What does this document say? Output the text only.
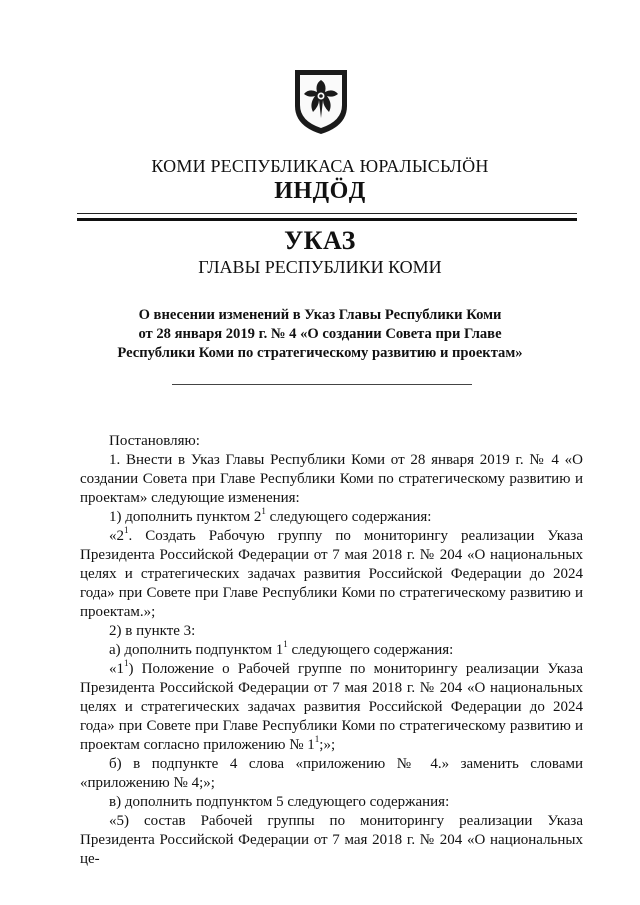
КОМИ РЕСПУБЛИКАСА ЮРАЛЫСЬЛӦН
ИНДӦД
УКАЗ
ГЛАВЫ РЕСПУБЛИКИ КОМИ
О внесении изменений в Указ Главы Республики Коми
от 28 января 2019 г. № 4 «О создании Совета при Главе
Республики Коми по стратегическому развитию и проектам»

Постановляю:

1. Внести в Указ Главы Республики Коми от 28 января 2019 г. № 4 «О создании Совета при Главе Республики Коми по стратегическому развитию и проектам» следующие изменения:

1) дополнить пунктом $2^1$ следующего содержания:

«$2^1$. Создать Рабочую группу по мониторингу реализации Указа Президента Российской Федерации от 7 мая 2018 г. № 204 «О национальных целях и стратегических задачах развития Российской Федерации до 2024 года» при Совете при Главе Республики Коми по стратегическому развитию и проектам.»;

2) в пункте 3:

а) дополнить подпунктом $1^1$ следующего содержания:

«$1^1$) Положение о Рабочей группе по мониторингу реализации Указа Президента Российской Федерации от 7 мая 2018 г. № 204 «О национальных целях и стратегических задачах развития Российской Федерации до 2024 года» при Совете при Главе Республики Коми по стратегическому развитию и проектам согласно приложению № $1^1$;»;

б) в подпункте 4 слова «приложению № 4.» заменить словами «приложению № 4;»;

в) дополнить подпунктом 5 следующего содержания:

«5) состав Рабочей группы по мониторингу реализации Указа Президента Российской Федерации от 7 мая 2018 г. № 204 «О национальных це-
